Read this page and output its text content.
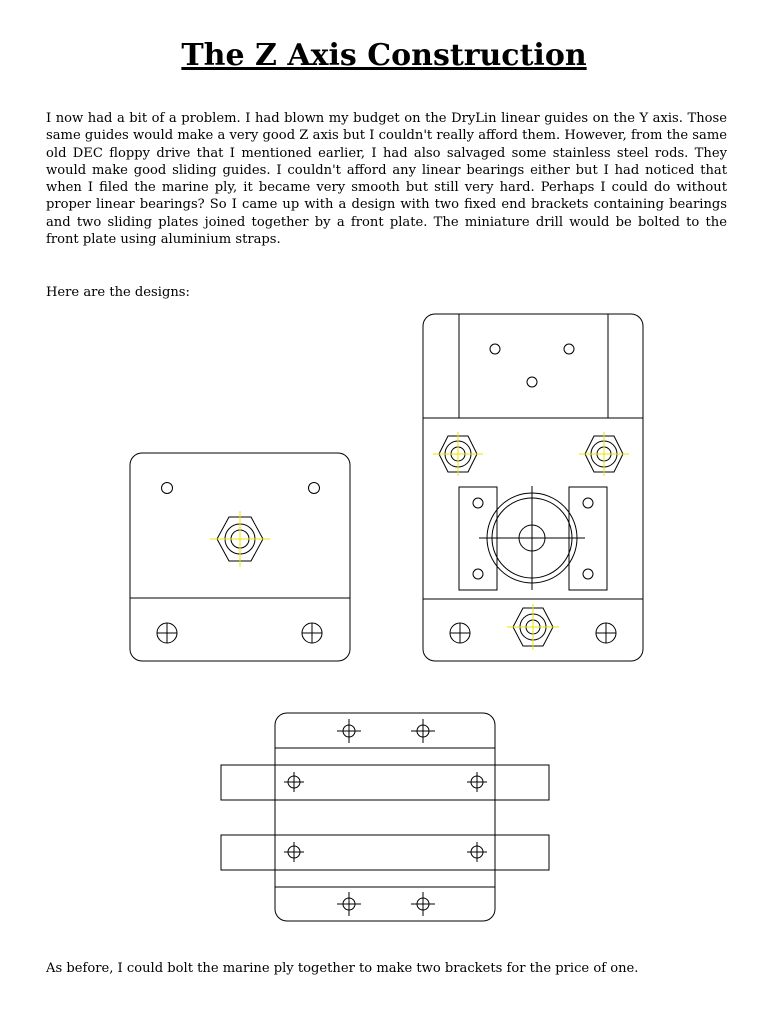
The Z Axis Construction

I now had a bit of a problem. I had blown my budget on the DryLin linear guides on the Y axis. Those same guides would make a very good Z axis but I couldn't really afford them. However, from the same old DEC floppy drive that I mentioned earlier, I had also salvaged some stainless steel rods. They would make good sliding guides. I couldn't afford any linear bearings either but I had noticed that when I filed the marine ply, it became very smooth but still very hard. Perhaps I could do without proper linear bearings? So I came up with a design with two fixed end brackets containing bearings and two sliding plates joined together by a front plate. The miniature drill would be bolted to the front plate using aluminium straps.

Here are the designs:

As before, I could bolt the marine ply together to make two brackets for the price of one.
